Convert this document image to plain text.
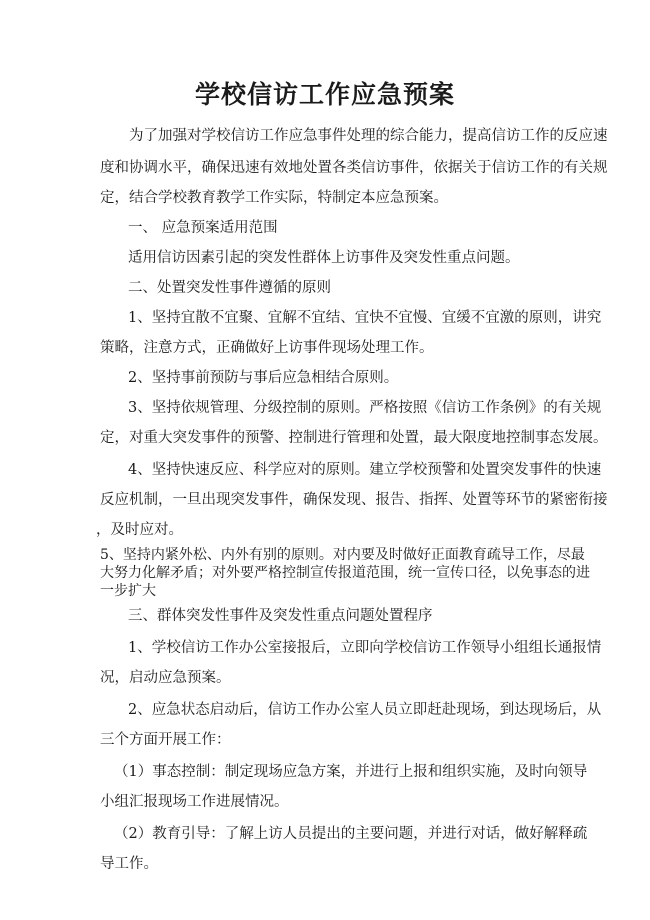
学校信访工作应急预案
为了加强对学校信访工作应急事件处理的综合能力，提高信访工作的反应速
度和协调水平，确保迅速有效地处置各类信访事件，依据关于信访工作的有关规
定，结合学校教育教学工作实际，特制定本应急预案。
一、 应急预案适用范围
适用信访因素引起的突发性群体上访事件及突发性重点问题。
二、处置突发性事件遵循的原则
1、坚持宜散不宜聚、宜解不宜结、宜快不宜慢、宜缓不宜激的原则，讲究
策略，注意方式，正确做好上访事件现场处理工作。
2、坚持事前预防与事后应急相结合原则。
3、坚持依规管理、分级控制的原则。严格按照《信访工作条例》的有关规
定，对重大突发事件的预警、控制进行管理和处置，最大限度地控制事态发展。
4、坚持快速反应、科学应对的原则。建立学校预警和处置突发事件的快速
反应机制，一旦出现突发事件，确保发现、报告、指挥、处置等环节的紧密衔接
，及时应对。
5、坚持内紧外松、内外有别的原则。对内要及时做好正面教育疏导工作，尽最
大努力化解矛盾；对外要严格控制宣传报道范围，统一宣传口径，以免事态的进
一步扩大
三、群体突发性事件及突发性重点问题处置程序
1、学校信访工作办公室接报后，立即向学校信访工作领导小组组长通报情
况，启动应急预案。
2、应急状态启动后，信访工作办公室人员立即赶赴现场，到达现场后，从
三个方面开展工作：
（1）事态控制：制定现场应急方案，并进行上报和组织实施，及时向领导
小组汇报现场工作进展情况。
（2）教育引导：了解上访人员提出的主要问题，并进行对话，做好解释疏
导工作。
